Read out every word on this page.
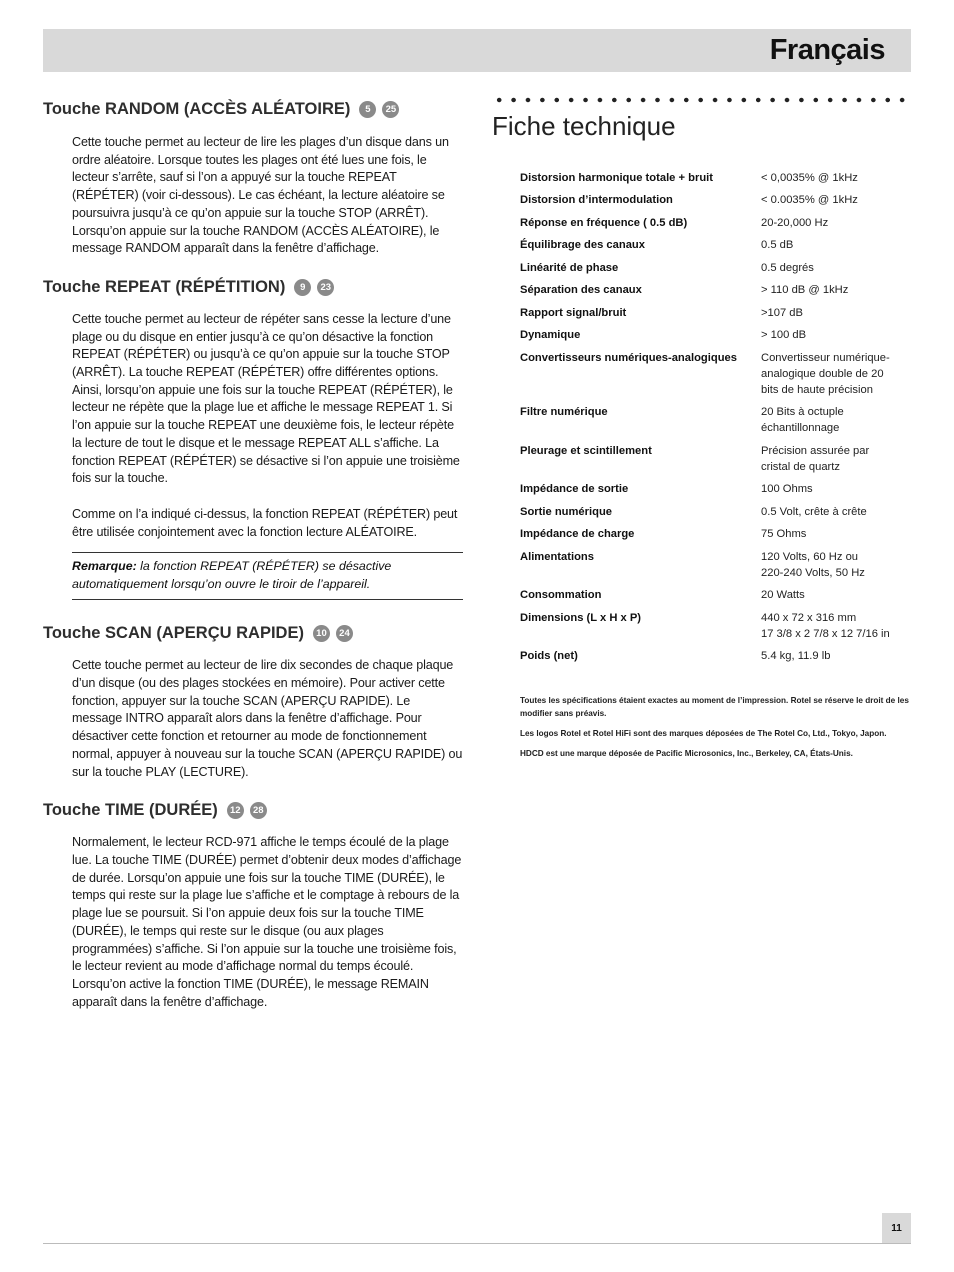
Français
Touche RANDOM (ACCÈS ALÉATOIRE)	5	25

Cette touche permet au lecteur de lire les plages d’un disque dans un ordre aléatoire. Lorsque toutes les plages ont été lues une fois, le lecteur s’arrête, sauf si l’on a appuyé sur la touche REPEAT (RÉPÉTER) (voir ci-dessous). Le cas échéant, la lecture aléatoire se poursuivra jusqu’à ce qu’on appuie sur la touche STOP (ARRÊT). Lorsqu’on appuie sur la touche RANDOM (ACCÈS ALÉATOIRE), le message RANDOM apparaît dans la fenêtre d’affichage.

Touche REPEAT (RÉPÉTITION)	9	23

Cette touche permet au lecteur de répéter sans cesse la lecture d’une plage ou du disque en entier jusqu’à ce qu’on désactive la fonction REPEAT (RÉPÉTER) ou jusqu’à ce qu’on appuie sur la touche STOP (ARRÊT). La touche REPEAT (RÉPÉTER) offre différentes options. Ainsi, lorsqu’on appuie une fois sur la touche REPEAT (RÉPÉTER), le lecteur ne répète que la plage lue et affiche le message REPEAT 1. Si l’on appuie sur la touche REPEAT une deuxième fois, le lecteur répète la lecture de tout le disque et le message REPEAT ALL s’affiche. La fonction REPEAT (RÉPÉTER) se désactive si l’on appuie une troisième fois sur la touche.

Comme on l’a indiqué ci-dessus, la fonction REPEAT (RÉPÉTER) peut être utilisée conjointement avec la fonction lecture ALÉATOIRE.

Remarque: la fonction REPEAT (RÉPÉTER) se désactive automatiquement lorsqu’on ouvre le tiroir de l’appareil.
Touche SCAN (APERÇU RAPIDE)	10	24

Cette touche permet au lecteur de lire dix secondes de chaque plaque d’un disque (ou des plages stockées en mémoire). Pour activer cette fonction, appuyer sur la touche SCAN (APERÇU RAPIDE). Le message INTRO apparaît alors dans la fenêtre d’affichage. Pour désactiver cette fonction et retourner au mode de fonctionnement normal, appuyer à nouveau sur la touche SCAN (APERÇU RAPIDE) ou sur la touche PLAY (LECTURE).

Touche TIME (DURÉE)	12	28

Normalement, le lecteur RCD-971 affiche le temps écoulé de la plage lue. La touche TIME (DURÉE) permet d’obtenir deux modes d’affichage de durée. Lorsqu’on appuie une fois sur la touche TIME (DURÉE), le temps qui reste sur la plage lue s’affiche et le comptage à rebours de la plage lue se poursuit. Si l’on appuie deux fois sur la touche TIME (DURÉE), le temps qui reste sur le disque (ou aux plages programmées) s’affiche. Si l’on appuie sur la touche une troisième fois, le lecteur revient au mode d’affichage normal du temps écoulé. Lorsqu’on active la fonction TIME (DURÉE), le message REMAIN apparaît dans la fenêtre d’affichage.

Fiche technique
Distorsion harmonique totale + bruit	< 0,0035% @ 1kHz
Distorsion d’intermodulation	< 0.0035% @ 1kHz
Réponse en fréquence ( 0.5 dB)	20-20,000 Hz
Équilibrage des canaux	0.5 dB
Linéarité de phase	0.5 degrés
Séparation des canaux	> 110 dB @ 1kHz
Rapport signal/bruit	>107 dB
Dynamique	> 100 dB
Convertisseurs numériques-analogiques	Convertisseur numérique-
analogique double de 20
bits de haute précision
Filtre numérique	20 Bits à octuple
échantillonnage
Pleurage et scintillement	Précision assurée par
cristal de quartz
Impédance de sortie	100 Ohms
Sortie numérique	0.5 Volt, crête à crête
Impédance de charge	75 Ohms
Alimentations	120 Volts, 60 Hz ou
220-240 Volts, 50 Hz
Consommation	20 Watts
Dimensions (L x H x P)	440 x 72 x 316 mm
17 3/8 x 2 7/8 x 12 7/16 in
Poids (net)	5.4 kg, 11.9 lb
Toutes les spécifications étaient exactes au moment de l’impression. Rotel se réserve le droit de les modifier sans préavis.
Les logos Rotel et Rotel HiFi sont des marques déposées de The Rotel Co, Ltd., Tokyo, Japon.
HDCD est une marque déposée de Pacific Microsonics, Inc., Berkeley, CA, États-Unis.
11
